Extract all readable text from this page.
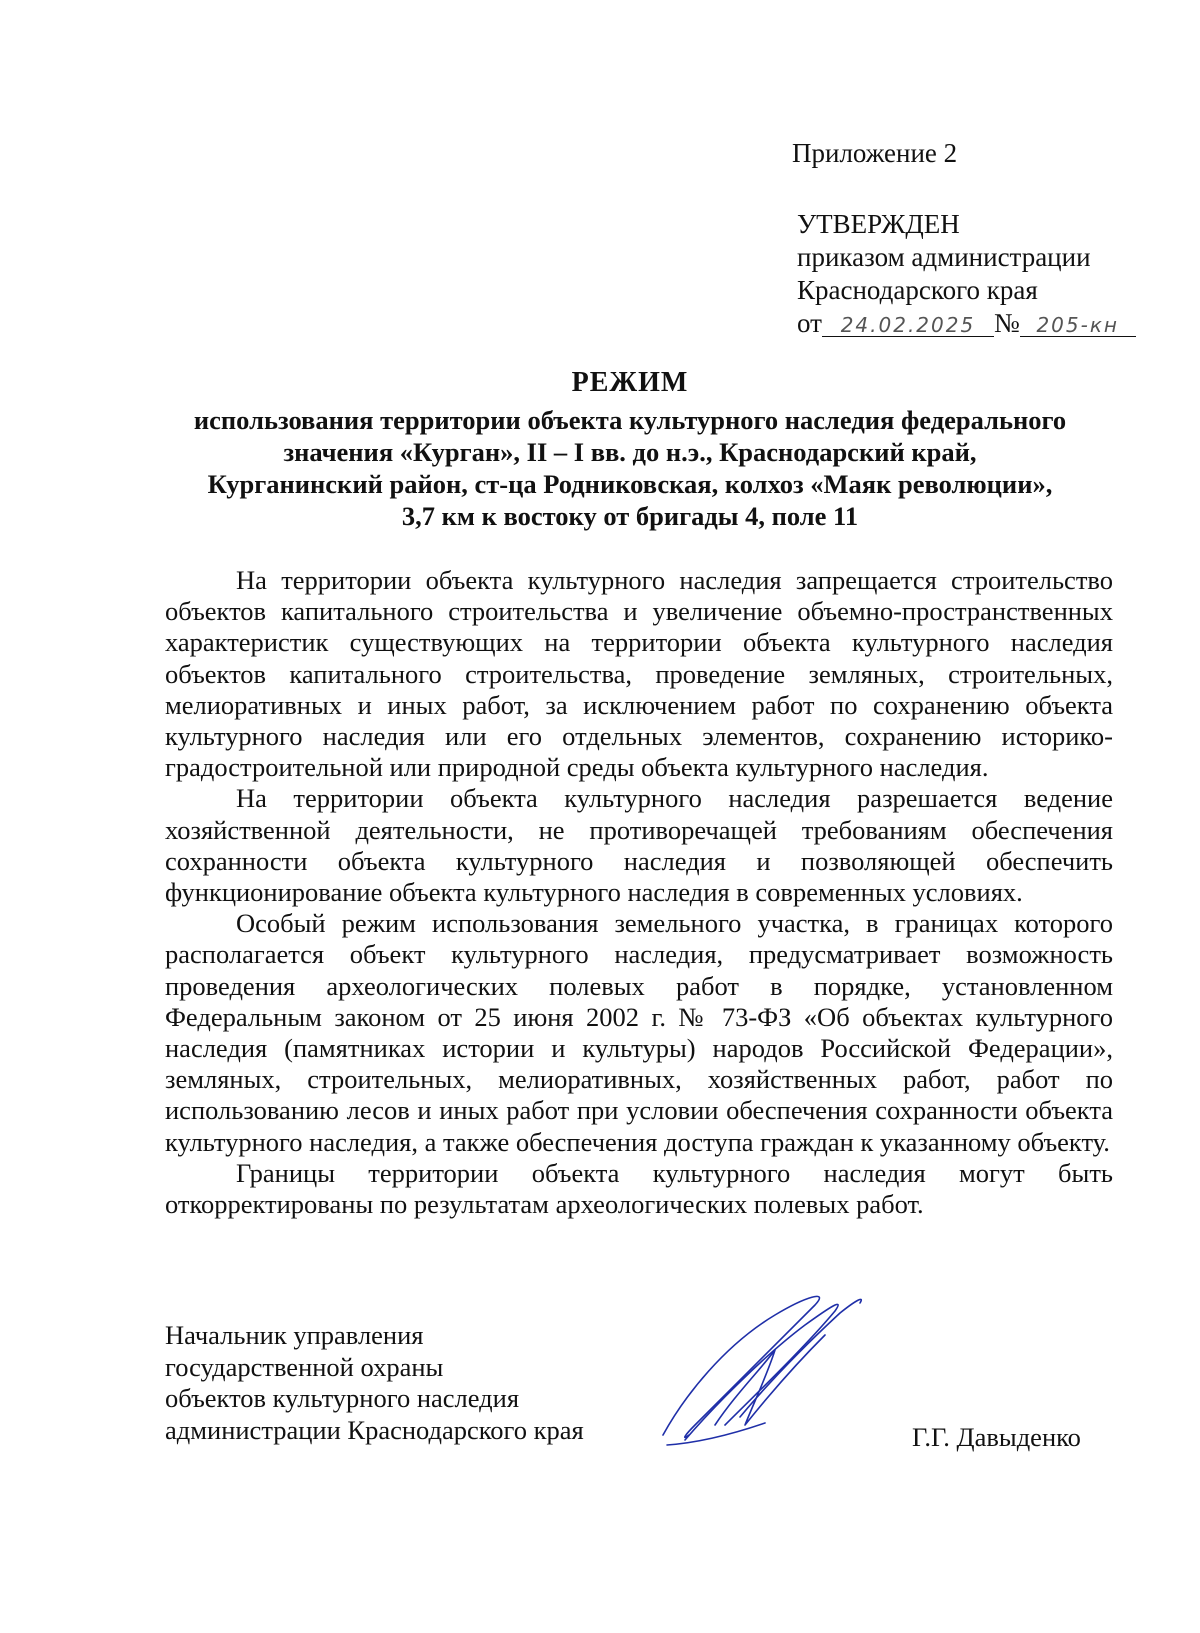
Приложение 2
УТВЕРЖДЕН
приказом администрации
Краснодарского края
от 24.02.2025 № 205-кн
РЕЖИМ
использования территории объекта культурного наследия федерального
значения «Курган», II – I вв. до н.э., Краснодарский край,
Курганинский район, ст-ца Родниковская, колхоз «Маяк революции»,
3,7 км к востоку от бригады 4, поле 11

На территории объекта культурного наследия запрещается строительство объектов капитального строительства и увеличение объемно-пространственных характеристик существующих на территории объекта культурного наследия объектов капитального строительства, проведение земляных, строительных, мелиоративных и иных работ, за исключением работ по сохранению объекта культурного наследия или его отдельных элементов, сохранению историко-градостроительной или природной среды объекта культурного наследия.

На территории объекта культурного наследия разрешается ведение хозяйственной деятельности, не противоречащей требованиям обеспечения сохранности объекта культурного наследия и позволяющей обеспечить функционирование объекта культурного наследия в современных условиях.

Особый режим использования земельного участка, в границах которого располагается объект культурного наследия, предусматривает возможность проведения археологических полевых работ в порядке, установленном Федеральным законом от 25 июня 2002 г. № 73-ФЗ «Об объектах культурного наследия (памятниках истории и культуры) народов Российской Федерации», земляных, строительных, мелиоративных, хозяйственных работ, работ по использованию лесов и иных работ при условии обеспечения сохранности объекта культурного наследия, а также обеспечения доступа граждан к указанному объекту.

Границы территории объекта культурного наследия могут быть откорректированы по результатам археологических полевых работ.

Начальник управления
государственной охраны
объектов культурного наследия
администрации Краснодарского края	Г.Г. Давыденко
